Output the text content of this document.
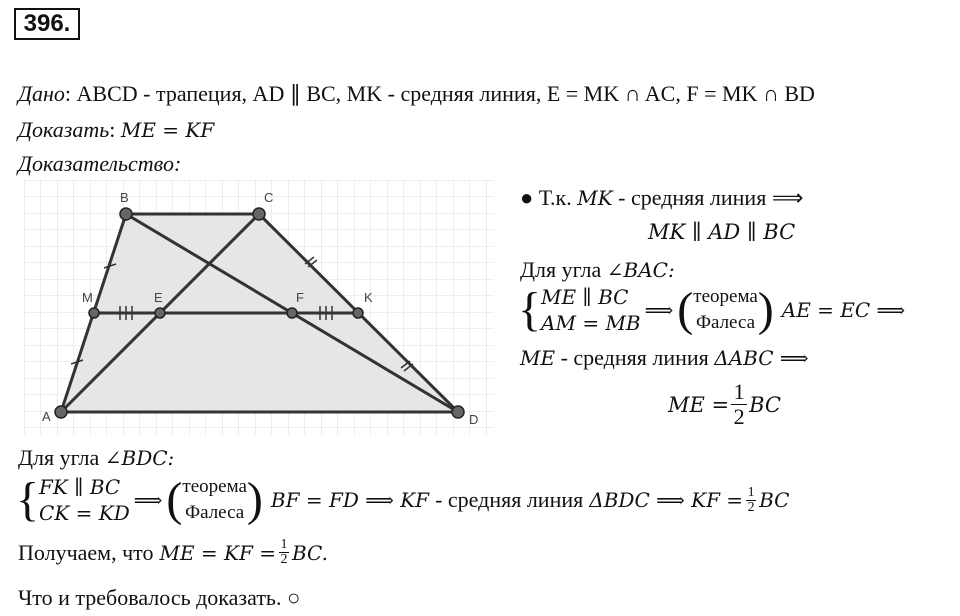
396.
Дано: ABCD - трапеция, AD ∥ BC, MK - средняя линия, E = MK ∩ AC, F = MK ∩ BD
Доказать: ME = KF
Доказательство:
A
B	C
D
M	E	F	K
● Т.к. MK - средняя линия ⟹
MK ∥ AD ∥ BC
Для угла ∠BAC:
{ ME ∥ BC
AM = MB
⟹ ( теорема
Фалеса ) AE = EC ⟹
ME - средняя линия ΔABC ⟹
ME =
1
2 BC
Для угла ∠BDC:
{ FK ∥ BC
CK = KD
⟹ ( теорема
Фалеса ) BF = FD ⟹ KF - средняя линия ΔBDC ⟹ KF = $\frac{1}{2}$ BC
Получаем, что ME = KF = $\frac{1}{2}$ BC.
Что и требовалось доказать. ○
